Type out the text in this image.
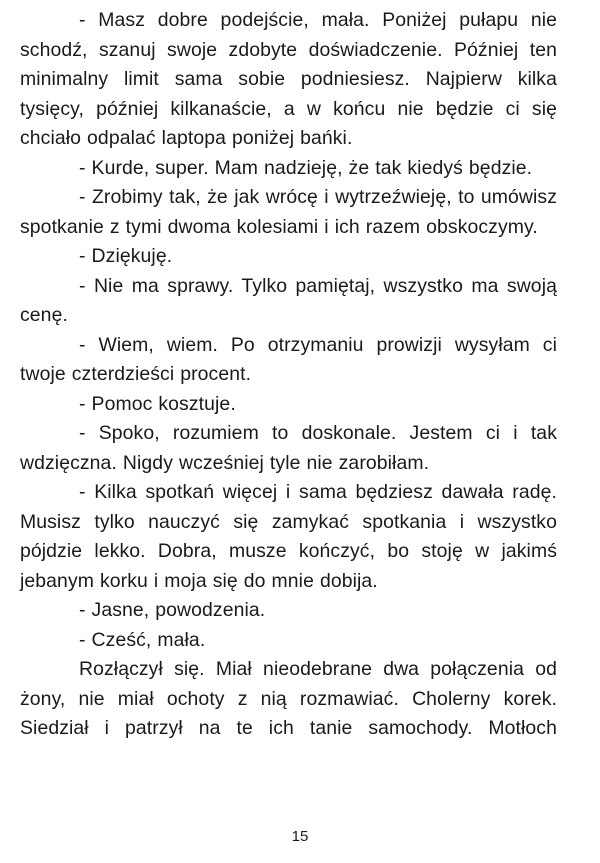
- Masz dobre podejście, mała. Poniżej pułapu nie schodź, szanuj swoje zdobyte doświadczenie. Później ten minimalny limit sama sobie podniesiesz. Najpierw kilka tysięcy, później kilkanaście, a w końcu nie będzie ci się chciało odpalać laptopa poniżej bańki.

- Kurde, super. Mam nadzieję, że tak kiedyś będzie.

- Zrobimy tak, że jak wrócę i wytrzeźwieję, to umówisz spotkanie z tymi dwoma kolesiami i ich razem obskoczymy.

- Dziękuję.

- Nie ma sprawy. Tylko pamiętaj, wszystko ma swoją cenę.

- Wiem, wiem. Po otrzymaniu prowizji wysyłam ci twoje czterdzieści procent.

- Pomoc kosztuje.

- Spoko, rozumiem to doskonale. Jestem ci i tak wdzięczna. Nigdy wcześniej tyle nie zarobiłam.

- Kilka spotkań więcej i sama będziesz dawała radę. Musisz tylko nauczyć się zamykać spotkania i wszystko pójdzie lekko. Dobra, musze kończyć, bo stoję w jakimś jebanym korku i moja się do mnie dobija.

- Jasne, powodzenia.

- Cześć, mała.

Rozłączył się. Miał nieodebrane dwa połączenia od żony, nie miał ochoty z nią rozmawiać. Cholerny korek. Siedział i patrzył na te ich tanie samochody. Motłoch

15
